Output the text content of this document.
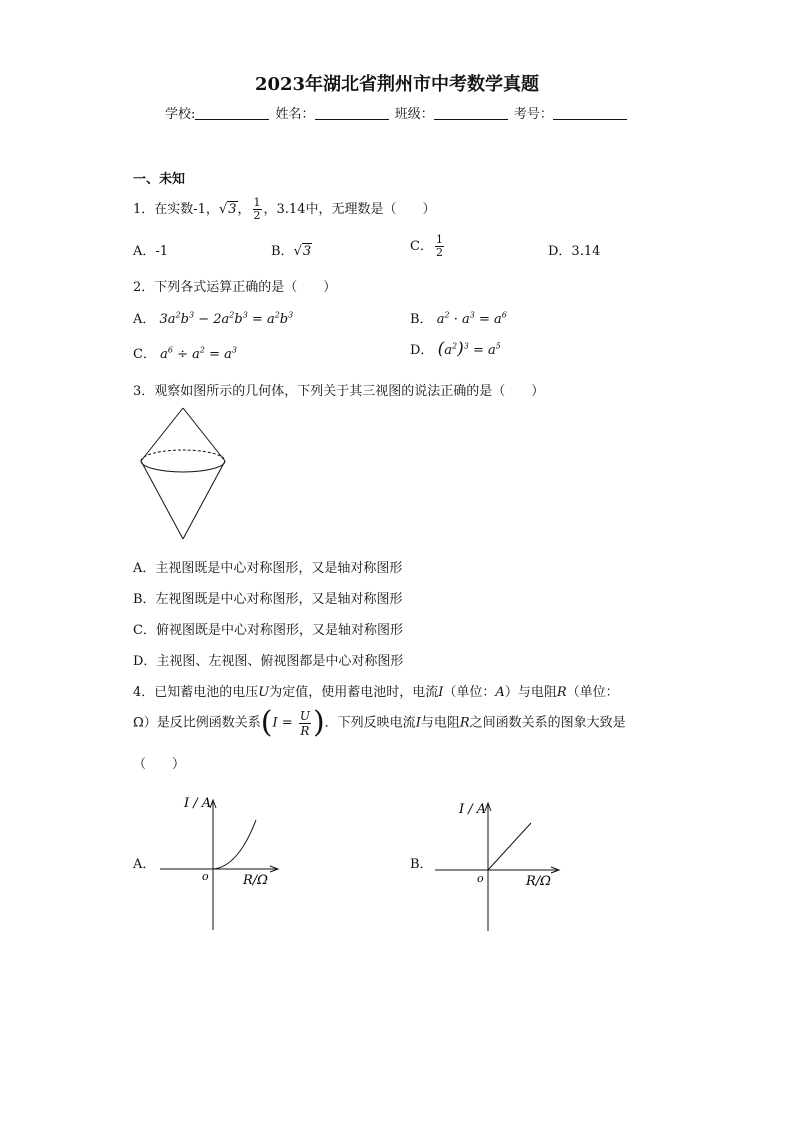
2023年湖北省荆州市中考数学真题
学校:	姓名：	班级：	考号：
一、未知
1．在实数-1，√3， $\frac{1}{2}$ ，3.14中，无理数是（　　）
A．-1	B．√3	C． $\frac{1}{2}$	D．3.14
2．下列各式运算正确的是（　　）
A． $3a^2b^3 - 2a^2b^3 = a^2b^3$	B． $a^2 \cdot a^3 = a^6$
C． $a^6 \div a^2 = a^3$	D． $(a^2)^3 = a^5$
3．观察如图所示的几何体，下列关于其三视图的说法正确的是（　　）
A．主视图既是中心对称图形，又是轴对称图形
B．左视图既是中心对称图形，又是轴对称图形
C．俯视图既是中心对称图形，又是轴对称图形
D．主视图、左视图、俯视图都是中心对称图形
4．已知蓄电池的电压U为定值，使用蓄电池时，电流I（单位：A）与电阻R（单位：
Ω）是反比例函数关系($I = \frac{U}{R}$ )．下列反映电流I与电阻R之间函数关系的图象大致是
（　　）
A．
I / A
o	R/Ω
B．
I / A
o	R/Ω
